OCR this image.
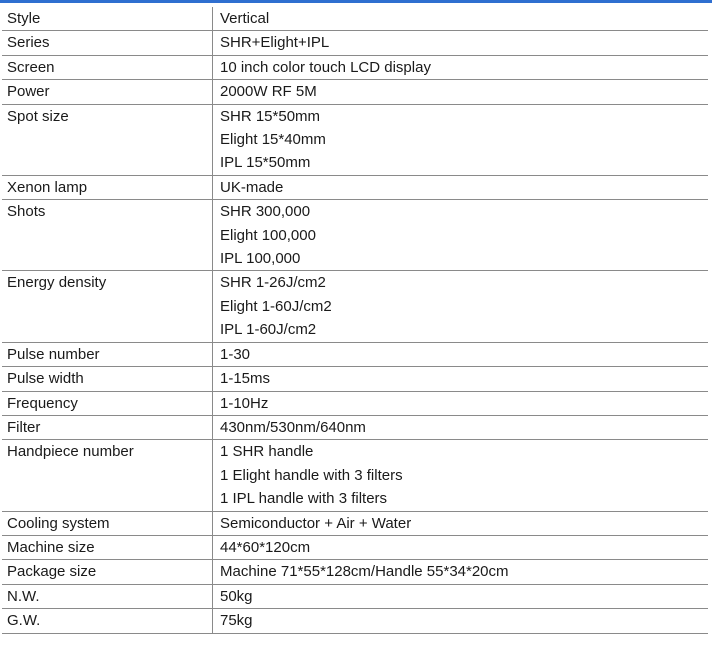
Style	Vertical

Series	SHR+Elight+IPL

Screen	10 inch color touch LCD display

Power	2000W RF 5M

Spot size	SHR 15*50mm
Elight 15*40mm
IPL 15*50mm

Xenon lamp	UK-made

Shots	SHR 300,000
Elight 100,000
IPL 100,000

Energy density	SHR 1-26J/cm2
Elight 1-60J/cm2
IPL 1-60J/cm2

Pulse number	1-30

Pulse width	1-15ms

Frequency	1-10Hz

Filter	430nm/530nm/640nm

Handpiece number	1 SHR handle
1 Elight handle with 3 filters
1 IPL handle with 3 filters

Cooling system	Semiconductor + Air + Water

Machine size	44*60*120cm

Package size	Machine 71*55*128cm/Handle 55*34*20cm

N.W.	50kg

G.W.	75kg
